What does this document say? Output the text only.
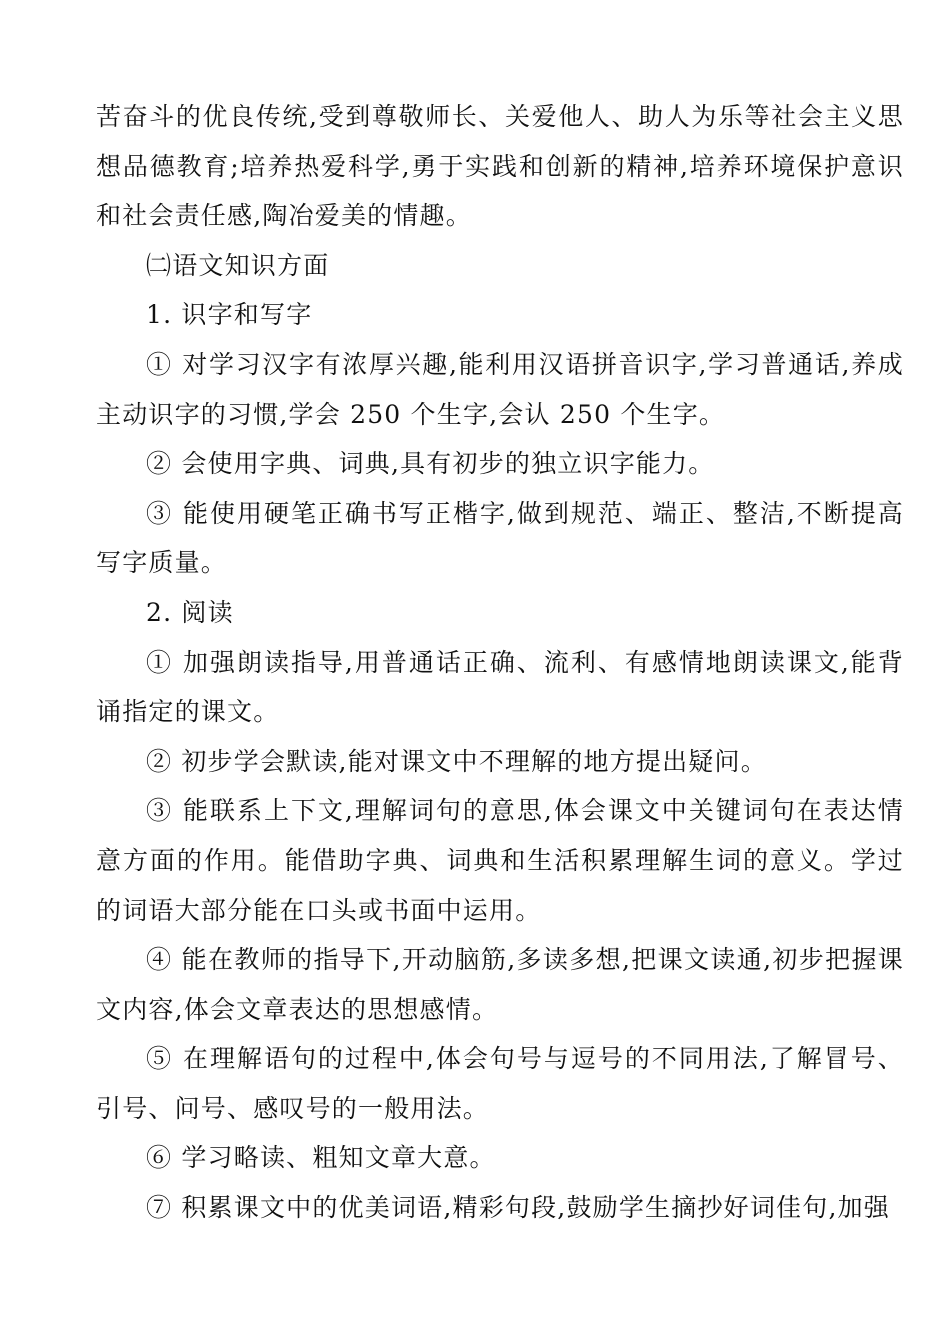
苦奋斗的优良传统,受到尊敬师长、关爱他人、助人为乐等社会主义思想品德教育;培养热爱科学,勇于实践和创新的精神,培养环境保护意识和社会责任感,陶冶爱美的情趣。

㈡语文知识方面

1. 识字和写字

① 对学习汉字有浓厚兴趣,能利用汉语拼音识字,学习普通话,养成主动识字的习惯,学会 250 个生字,会认 250 个生字。

② 会使用字典、词典,具有初步的独立识字能力。

③ 能使用硬笔正确书写正楷字,做到规范、端正、整洁,不断提高写字质量。

2. 阅读

① 加强朗读指导,用普通话正确、流利、有感情地朗读课文,能背诵指定的课文。

② 初步学会默读,能对课文中不理解的地方提出疑问。

③ 能联系上下文,理解词句的意思,体会课文中关键词句在表达情意方面的作用。能借助字典、词典和生活积累理解生词的意义。学过的词语大部分能在口头或书面中运用。

④ 能在教师的指导下,开动脑筋,多读多想,把课文读通,初步把握课文内容,体会文章表达的思想感情。

⑤ 在理解语句的过程中,体会句号与逗号的不同用法,了解冒号、引号、问号、感叹号的一般用法。

⑥ 学习略读、粗知文章大意。

⑦ 积累课文中的优美词语,精彩句段,鼓励学生摘抄好词佳句,加强
